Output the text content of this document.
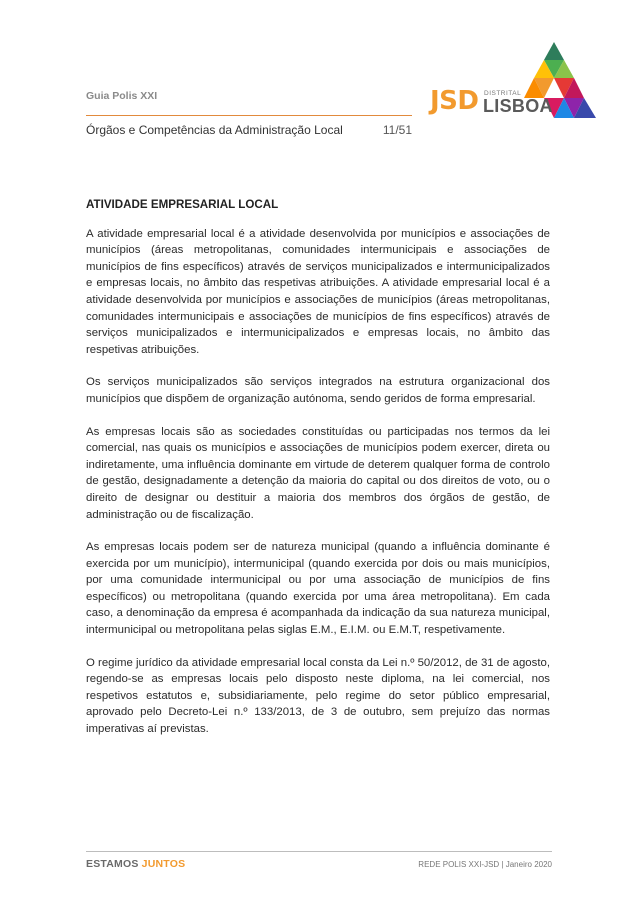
Guia Polis XXI
Órgãos e Competências da Administração Local	11/51
JSD DISTRITAL
LISBOA
ATIVIDADE EMPRESARIAL LOCAL

A atividade empresarial local é a atividade desenvolvida por municípios e associações de municípios (áreas metropolitanas, comunidades intermunicipais e associações de municípios de fins específicos) através de serviços municipalizados e intermunicipalizados e empresas locais, no âmbito das respetivas atribuições. A atividade empresarial local é a atividade desenvolvida por municípios e associações de municípios (áreas metropolitanas, comunidades intermunicipais e associações de municípios de fins específicos) através de serviços municipalizados e intermunicipalizados e empresas locais, no âmbito das respetivas atribuições.

Os serviços municipalizados são serviços integrados na estrutura organizacional dos municípios que dispõem de organização autónoma, sendo geridos de forma empresarial.

As empresas locais são as sociedades constituídas ou participadas nos termos da lei comercial, nas quais os municípios e associações de municípios podem exercer, direta ou indiretamente, uma influência dominante em virtude de deterem qualquer forma de controlo de gestão, designadamente a detenção da maioria do capital ou dos direitos de voto, ou o direito de designar ou destituir a maioria dos membros dos órgãos de gestão, de administração ou de fiscalização.

As empresas locais podem ser de natureza municipal (quando a influência dominante é exercida por um município), intermunicipal (quando exercida por dois ou mais municípios, por uma comunidade intermunicipal ou por uma associação de municípios de fins específicos) ou metropolitana (quando exercida por uma área metropolitana). Em cada caso, a denominação da empresa é acompanhada da indicação da sua natureza municipal, intermunicipal ou metropolitana pelas siglas E.M., E.I.M. ou E.M.T, respetivamente.

O regime jurídico da atividade empresarial local consta da Lei n.º 50/2012, de 31 de agosto, regendo-se as empresas locais pelo disposto neste diploma, na lei comercial, nos respetivos estatutos e, subsidiariamente, pelo regime do setor público empresarial, aprovado pelo Decreto-Lei n.º 133/2013, de 3 de outubro, sem prejuízo das normas imperativas aí previstas.

ESTAMOS JUNTOS	REDE POLIS XXI-JSD | Janeiro 2020
